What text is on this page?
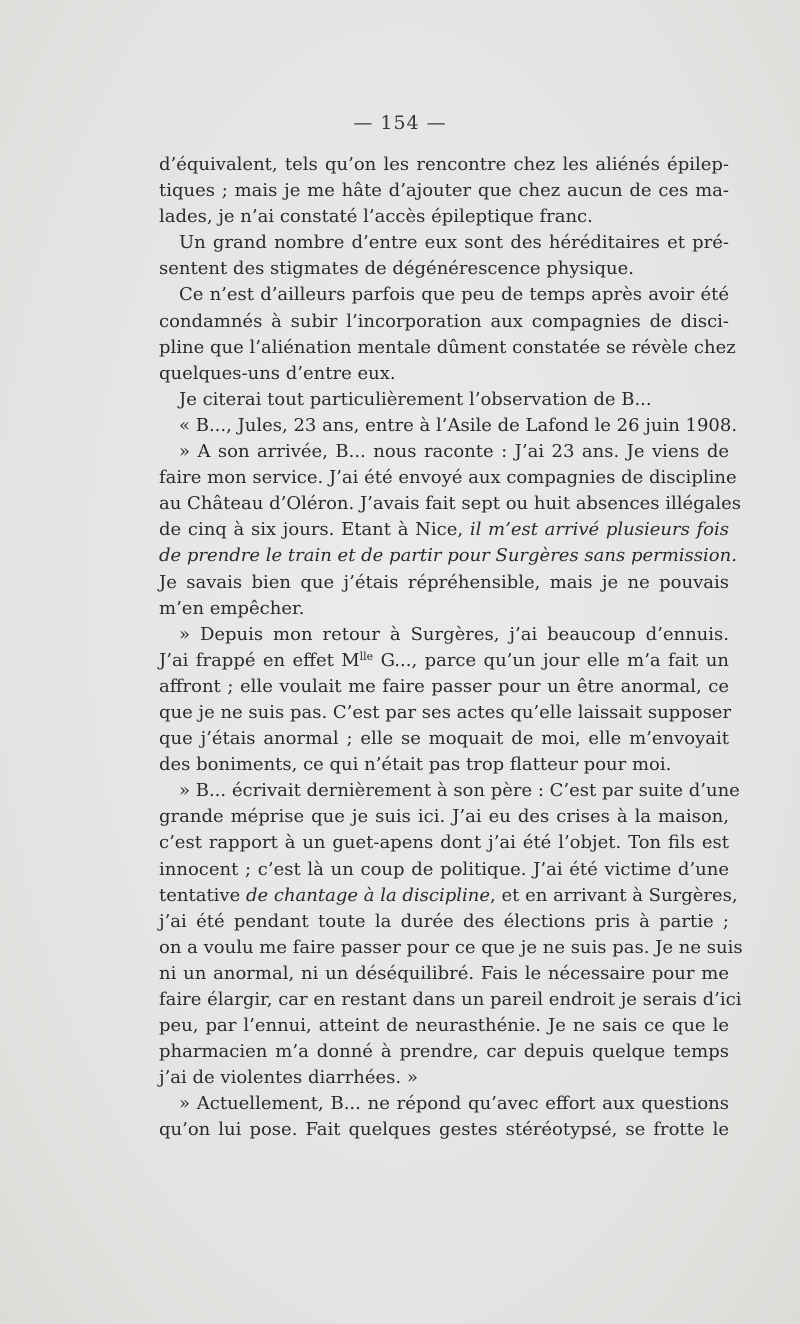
— 154 —
d’équivalent, tels qu’on les rencontre chez les aliénés épilep-
tiques ; mais je me hâte d’ajouter que chez aucun de ces ma-
lades, je n’ai constaté l’accès épileptique franc.
Un grand nombre d’entre eux sont des héréditaires et pré-
sentent des stigmates de dégénérescence physique.
Ce n’est d’ailleurs parfois que peu de temps après avoir été
condamnés à subir l’incorporation aux compagnies de disci-
pline que l’aliénation mentale dûment constatée se révèle chez
quelques-uns d’entre eux.
Je citerai tout particulièrement l’observation de B...
« B..., Jules, 23 ans, entre à l’Asile de Lafond le 26 juin 1908.
» A son arrivée, B... nous raconte : J’ai 23 ans. Je viens de
faire mon service. J’ai été envoyé aux compagnies de discipline
au Château d’Oléron. J’avais fait sept ou huit absences illégales
de cinq à six jours. Etant à Nice, il m’est arrivé plusieurs fois
de prendre le train et de partir pour Surgères sans permission.
Je savais bien que j’étais répréhensible, mais je ne pouvais
m’en empêcher.
» Depuis mon retour à Surgères, j’ai beaucoup d’ennuis.
J’ai frappé en effet $M^{lle}$ G..., parce qu’un jour elle m’a fait un
affront ; elle voulait me faire passer pour un être anormal, ce
que je ne suis pas. C’est par ses actes qu’elle laissait supposer
que j’étais anormal ; elle se moquait de moi, elle m’envoyait
des boniments, ce qui n’était pas trop flatteur pour moi.
» B... écrivait dernièrement à son père : C’est par suite d’une
grande méprise que je suis ici. J’ai eu des crises à la maison,
c’est rapport à un guet-apens dont j’ai été l’objet. Ton fils est
innocent ; c’est là un coup de politique. J’ai été victime d’une
tentative de chantage à la discipline, et en arrivant à Surgères,
j’ai été pendant toute la durée des élections pris à partie ;
on a voulu me faire passer pour ce que je ne suis pas. Je ne suis
ni un anormal, ni un déséquilibré. Fais le nécessaire pour me
faire élargir, car en restant dans un pareil endroit je serais d’ici
peu, par l’ennui, atteint de neurasthénie. Je ne sais ce que le
pharmacien m’a donné à prendre, car depuis quelque temps
j’ai de violentes diarrhées. »
» Actuellement, B... ne répond qu’avec effort aux questions
qu’on lui pose. Fait quelques gestes stéréotypsé, se frotte le
